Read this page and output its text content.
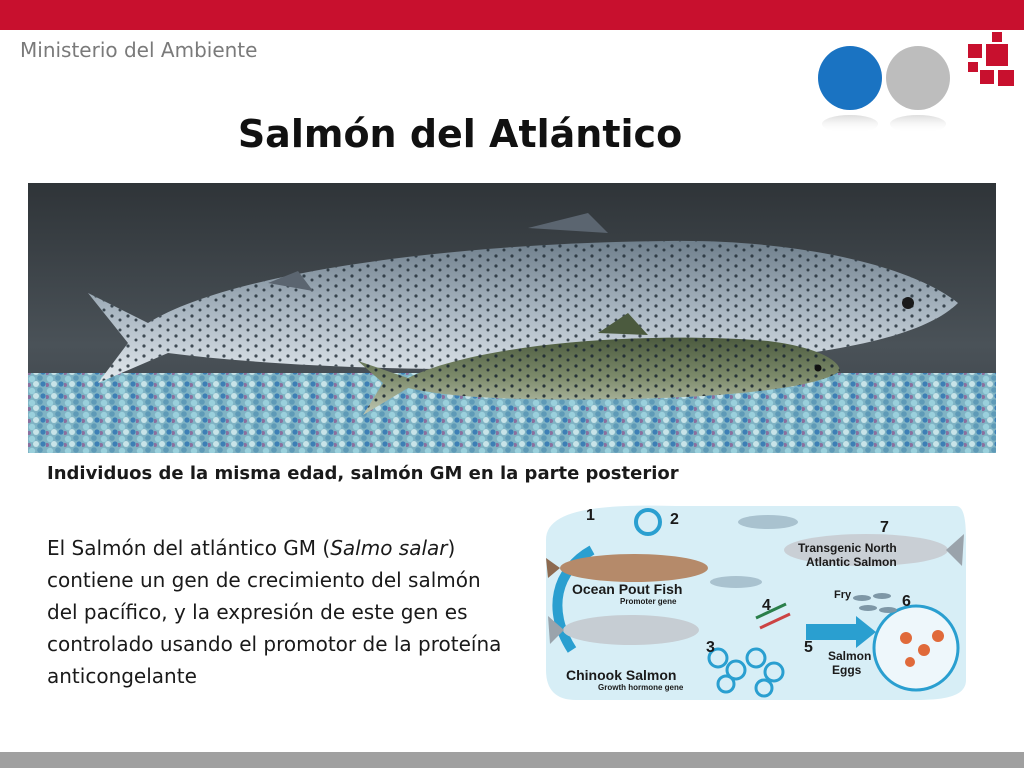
Ministerio del Ambiente
Salmón del Atlántico
Individuos de la misma edad, salmón GM en la parte posterior
El Salmón del atlántico GM (Salmo salar) contiene un gen de crecimiento del salmón del pacífico, y la expresión de este gen es controlado usando el promotor de la proteína anticongelante
1	2
3
4
5
6
7
Ocean Pout Fish
Promoter gene
Chinook Salmon
Growth hormone gene
Transgenic North
Atlantic Salmon
Fry
Salmon
Eggs
